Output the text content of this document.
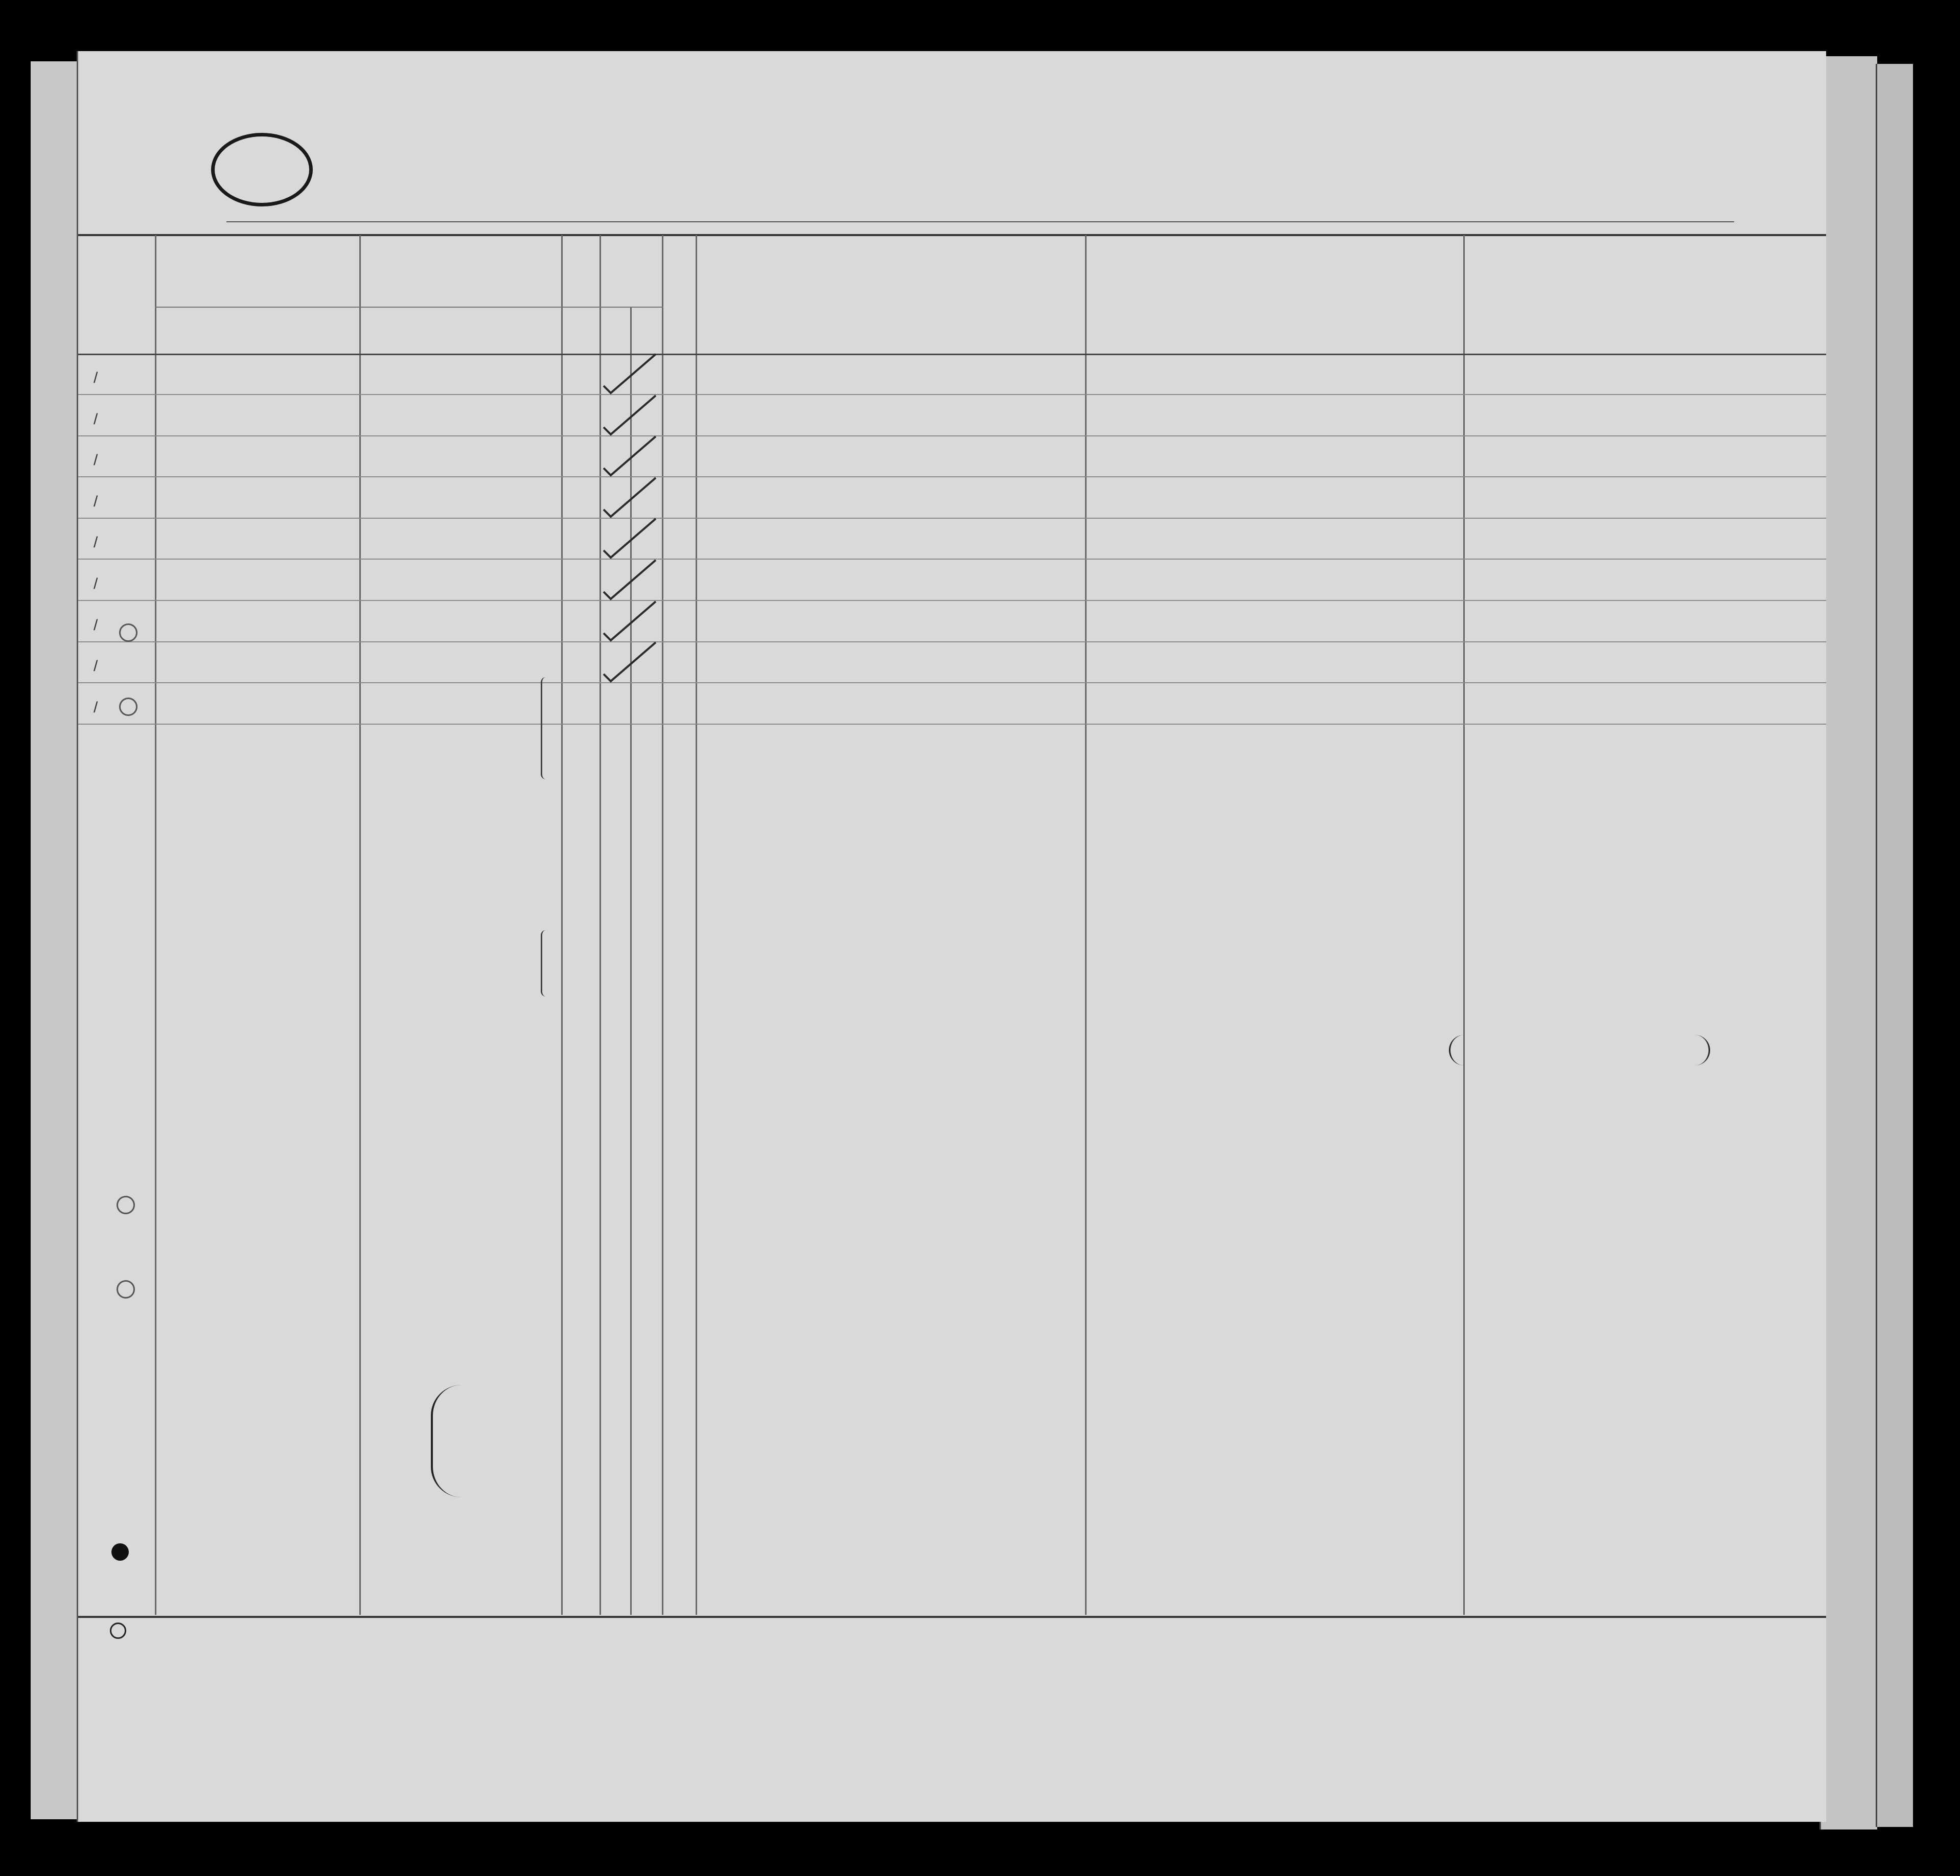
/
/
/
/
/
/
/
/
/
